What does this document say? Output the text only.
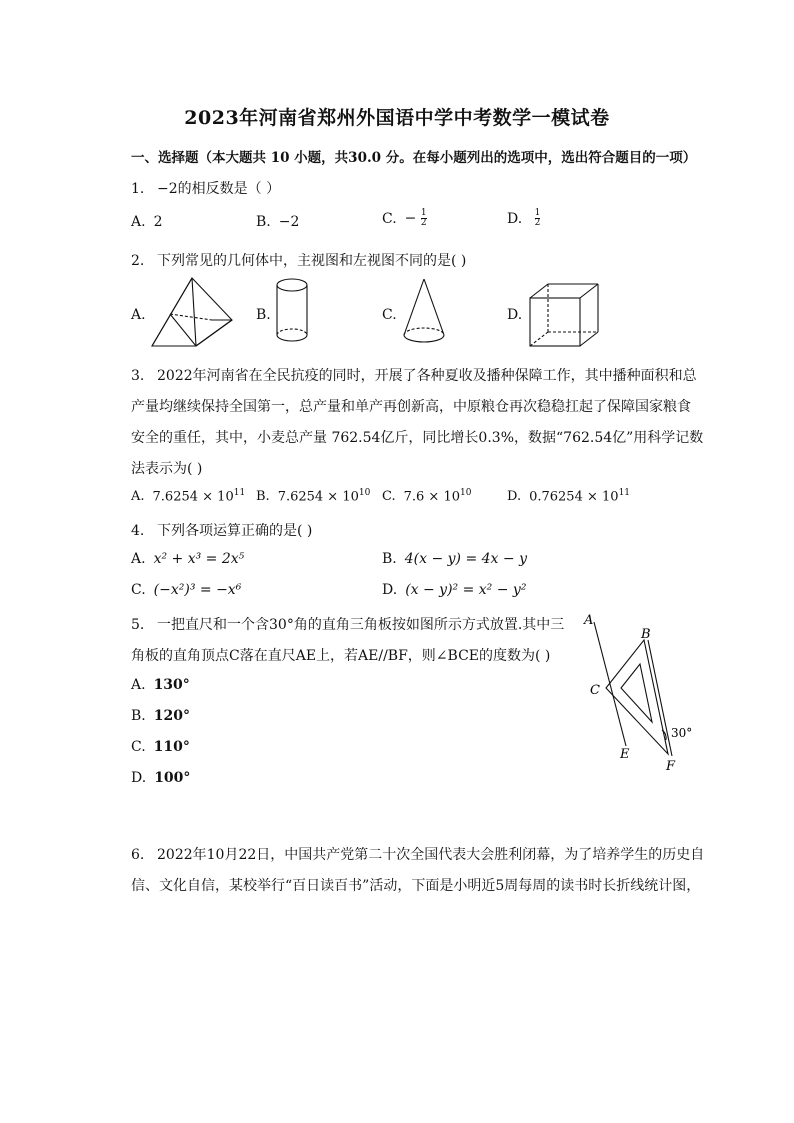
2023年河南省郑州外国语中学中考数学一模试卷
一、选择题（本大题共 10 小题，共30.0 分。在每小题列出的选项中，选出符合题目的一项）
1. −2的相反数是（ ）
A. 2	B. −2	C. − $\frac{1}{2}$	D. $\frac{1}{2}$
2. 下列常见的几何体中，主视图和左视图不同的是( )
A.	B.	C.	D.
3. 2022年河南省在全民抗疫的同时，开展了各种夏收及播种保障工作，其中播种面积和总
产量均继续保持全国第一，总产量和单产再创新高，中原粮仓再次稳稳扛起了保障国家粮食
安全的重任，其中，小麦总产量 762.54亿斤，同比增长0.3%，数据“762.54亿”用科学记数
法表示为( )
A. $7.6254 \times 10^{11}$ B. $7.6254 \times 10^{10}$ C. $7.6 \times 10^{10}$	D. $0.76254 \times 10^{11}$
4. 下列各项运算正确的是( )
A. x² + x³ = 2x⁵	B. 4(x − y) = 4x − y
C. (−x²)³ = −x⁶	D. (x − y)² = x² − y²
5. 一把直尺和一个含30°角的直角三角板按如图所示方式放置.其中三
角板的直角顶点C落在直尺AE上，若AE//BF，则∠BCE的度数为( )
A. 130°
B. 120°
C. 110°
D. 100°
A
B
C
E
F
30°
6. 2022年10月22日，中国共产党第二十次全国代表大会胜利闭幕，为了培养学生的历史自
信、文化自信，某校举行“百日读百书”活动，下面是小明近5周每周的读书时长折线统计图，
